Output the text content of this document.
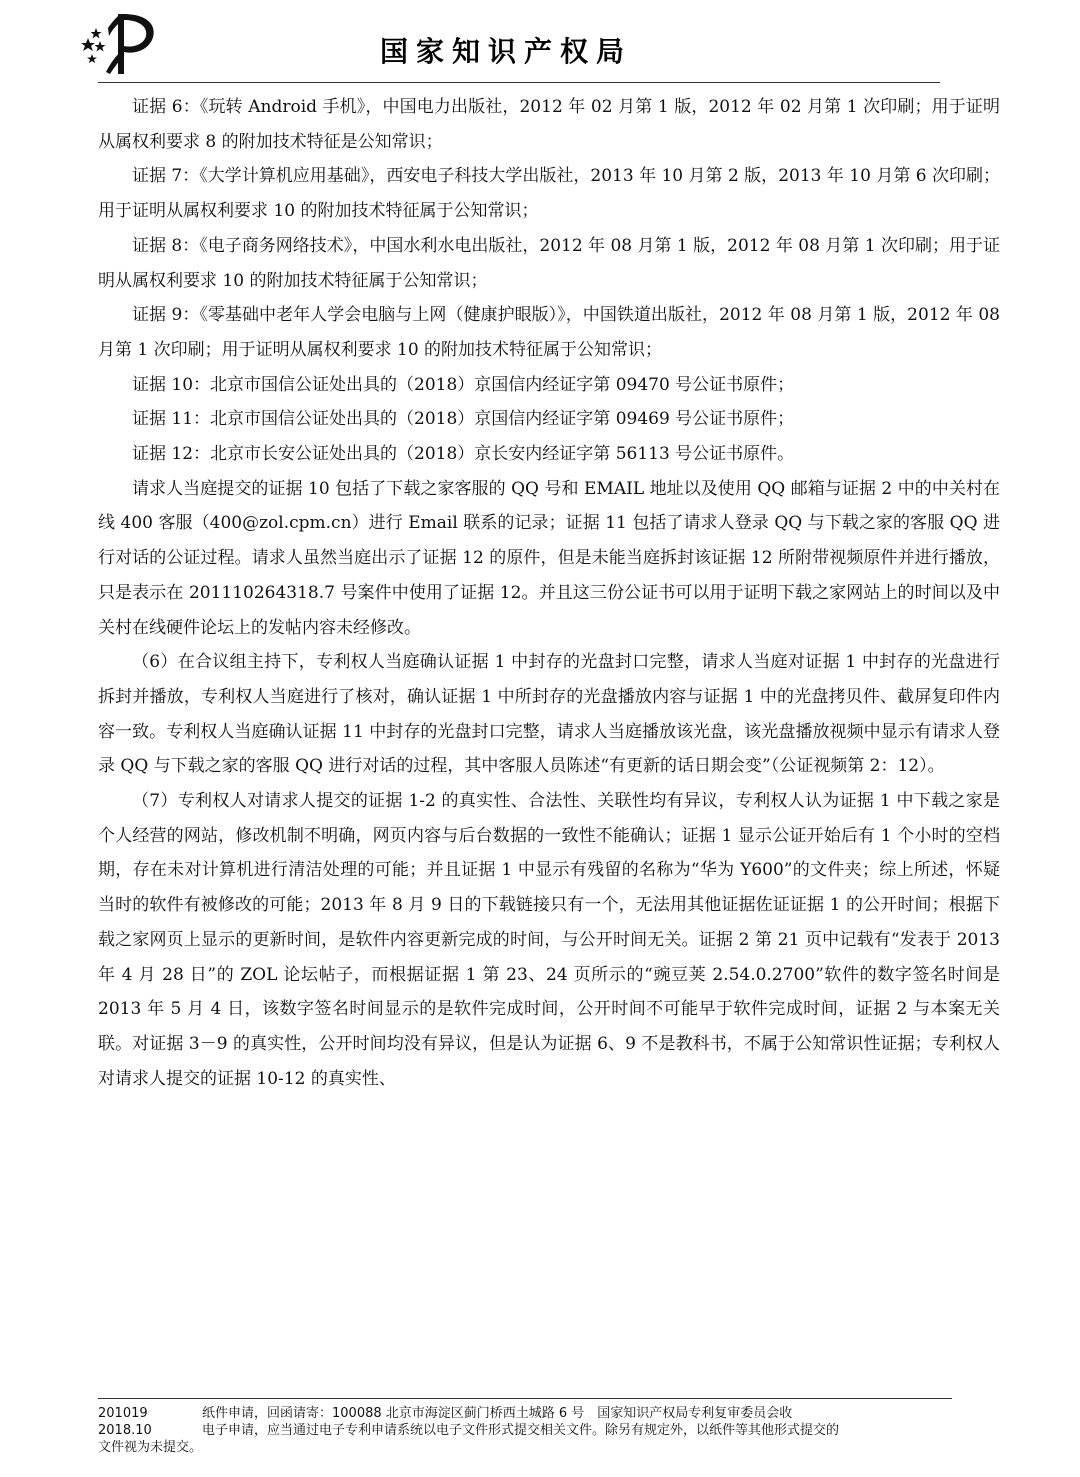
国家知识产权局

证据 6：《玩转 Android 手机》，中国电力出版社，2012 年 02 月第 1 版，2012 年 02 月第 1 次印刷；用于证明从属权利要求 8 的附加技术特征是公知常识；

证据 7：《大学计算机应用基础》，西安电子科技大学出版社，2013 年 10 月第 2 版，2013 年 10 月第 6 次印刷；用于证明从属权利要求 10 的附加技术特征属于公知常识；

证据 8：《电子商务网络技术》，中国水利水电出版社，2012 年 08 月第 1 版，2012 年 08 月第 1 次印刷；用于证明从属权利要求 10 的附加技术特征属于公知常识；

证据 9：《零基础中老年人学会电脑与上网（健康护眼版）》，中国铁道出版社，2012 年 08 月第 1 版，2012 年 08 月第 1 次印刷；用于证明从属权利要求 10 的附加技术特征属于公知常识；

证据 10：北京市国信公证处出具的（2018）京国信内经证字第 09470 号公证书原件；

证据 11：北京市国信公证处出具的（2018）京国信内经证字第 09469 号公证书原件；

证据 12：北京市长安公证处出具的（2018）京长安内经证字第 56113 号公证书原件。

请求人当庭提交的证据 10 包括了下载之家客服的 QQ 号和 EMAIL 地址以及使用 QQ 邮箱与证据 2 中的中关村在线 400 客服（400@zol.cpm.cn）进行 Email 联系的记录；证据 11 包括了请求人登录 QQ 与下载之家的客服 QQ 进行对话的公证过程。请求人虽然当庭出示了证据 12 的原件，但是未能当庭拆封该证据 12 所附带视频原件并进行播放，只是表示在 201110264318.7 号案件中使用了证据 12。并且这三份公证书可以用于证明下载之家网站上的时间以及中关村在线硬件论坛上的发帖内容未经修改。

（6）在合议组主持下，专利权人当庭确认证据 1 中封存的光盘封口完整，请求人当庭对证据 1 中封存的光盘进行拆封并播放，专利权人当庭进行了核对，确认证据 1 中所封存的光盘播放内容与证据 1 中的光盘拷贝件、截屏复印件内容一致。专利权人当庭确认证据 11 中封存的光盘封口完整，请求人当庭播放该光盘，该光盘播放视频中显示有请求人登录 QQ 与下载之家的客服 QQ 进行对话的过程，其中客服人员陈述“有更新的话日期会变”（公证视频第 2：12）。

（7）专利权人对请求人提交的证据 1-2 的真实性、合法性、关联性均有异议，专利权人认为证据 1 中下载之家是个人经营的网站，修改机制不明确，网页内容与后台数据的一致性不能确认；证据 1 显示公证开始后有 1 个小时的空档期，存在未对计算机进行清洁处理的可能；并且证据 1 中显示有残留的名称为“华为 Y600”的文件夹；综上所述，怀疑当时的软件有被修改的可能；2013 年 8 月 9 日的下载链接只有一个，无法用其他证据佐证证据 1 的公开时间；根据下载之家网页上显示的更新时间，是软件内容更新完成的时间，与公开时间无关。证据 2 第 21 页中记载有“发表于 2013 年 4 月 28 日”的 ZOL 论坛帖子，而根据证据 1 第 23、24 页所示的“豌豆荚 2.54.0.2700”软件的数字签名时间是 2013 年 5 月 4 日，该数字签名时间显示的是软件完成时间，公开时间不可能早于软件完成时间，证据 2 与本案无关联。对证据 3－9 的真实性，公开时间均没有异议，但是认为证据 6、9 不是教科书，不属于公知常识性证据；专利权人对请求人提交的证据 10-12 的真实性、

201019	纸件申请，回函请寄：100088 北京市海淀区蓟门桥西土城路 6 号　国家知识产权局专利复审委员会收
2018.10	电子申请，应当通过电子专利申请系统以电子文件形式提交相关文件。除另有规定外，以纸件等其他形式提交的
文件视为未提交。
